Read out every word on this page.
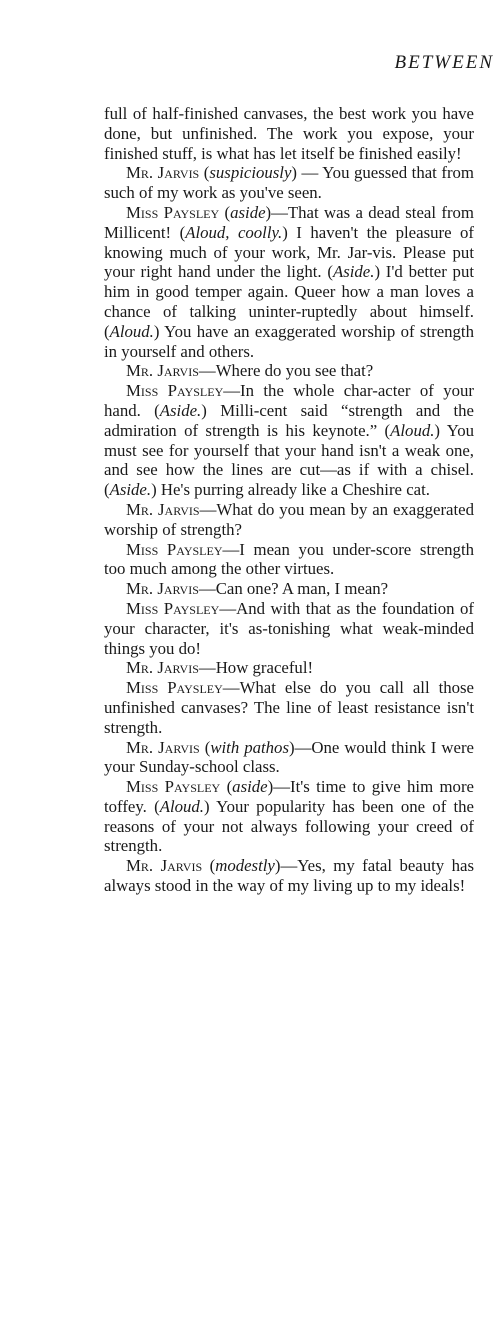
BETWEEN

full of half-finished canvases, the best work you have done, but unfinished. The work you expose, your finished stuff, is what has let itself be finished easily!

Mr. Jarvis (suspiciously) — You guessed that from such of my work as you've seen.

Miss Paysley (aside)—That was a dead steal from Millicent! (Aloud, coolly.) I haven't the pleasure of knowing much of your work, Mr. Jar-vis. Please put your right hand under the light. (Aside.) I'd better put him in good temper again. Queer how a man loves a chance of talking uninter-ruptedly about himself. (Aloud.) You have an exaggerated worship of strength in yourself and others.

Mr. Jarvis—Where do you see that?

Miss Paysley—In the whole char-acter of your hand. (Aside.) Milli-cent said “strength and the admiration of strength is his keynote.” (Aloud.) You must see for yourself that your hand isn't a weak one, and see how the lines are cut—as if with a chisel. (Aside.) He's purring already like a Cheshire cat.

Mr. Jarvis—What do you mean by an exaggerated worship of strength?

Miss Paysley—I mean you under-score strength too much among the other virtues.

Mr. Jarvis—Can one? A man, I mean?

Miss Paysley—And with that as the foundation of your character, it's as-tonishing what weak-minded things you do!

Mr. Jarvis—How graceful!

Miss Paysley—What else do you call all those unfinished canvases? The line of least resistance isn't strength.

Mr. Jarvis (with pathos)—One would think I were your Sunday-school class.

Miss Paysley (aside)—It's time to give him more toffey. (Aloud.) Your popularity has been one of the reasons of your not always following your creed of strength.

Mr. Jarvis (modestly)—Yes, my fatal beauty has always stood in the way of my living up to my ideals!
